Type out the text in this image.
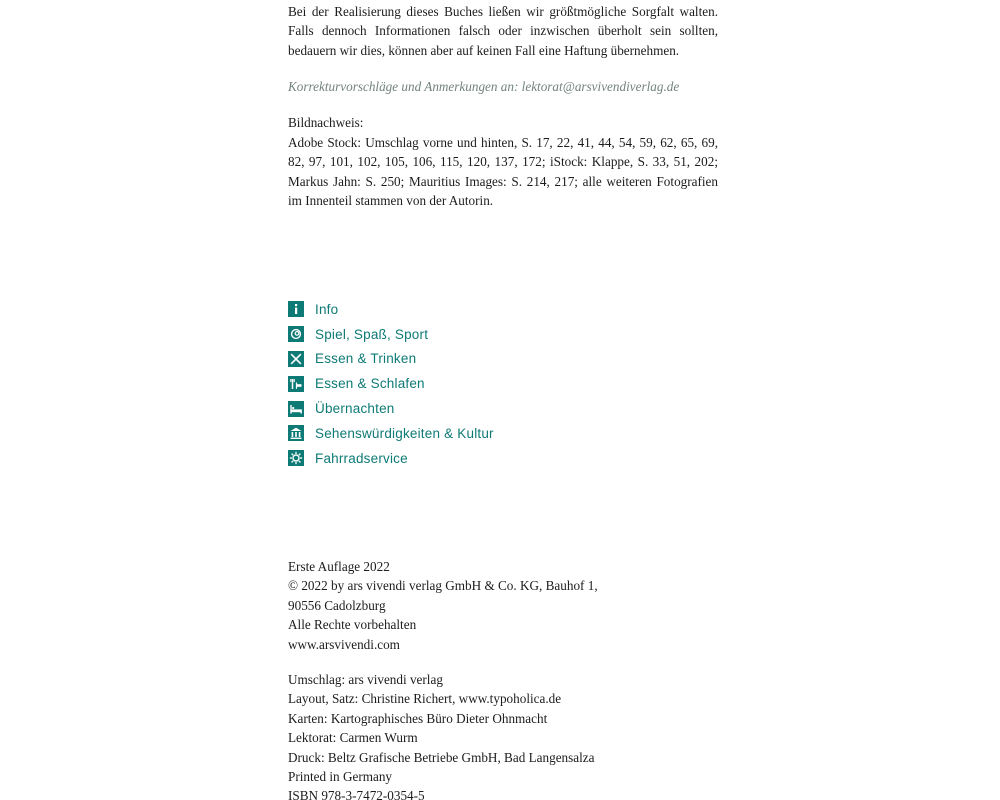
Bei der Realisierung dieses Buches ließen wir größtmögliche Sorgfalt walten. Falls dennoch Informationen falsch oder inzwischen überholt sein sollten, bedauern wir dies, können aber auf keinen Fall eine Haftung übernehmen.
Korrekturvorschläge und Anmerkungen an: lektorat@arsvivendiverlag.de
Bildnachweis:
Adobe Stock: Umschlag vorne und hinten, S. 17, 22, 41, 44, 54, 59, 62, 65, 69, 82, 97, 101, 102, 105, 106, 115, 120, 137, 172; iStock: Klappe, S. 33, 51, 202; Markus Jahn: S. 250; Mauritius Images: S. 214, 217; alle weiteren Fotografien im Innenteil stammen von der Autorin.
Info
Spiel, Spaß, Sport
Essen & Trinken
Essen & Schlafen
Übernachten
Sehenswürdigkeiten & Kultur
Fahrradservice
Erste Auflage 2022
© 2022 by ars vivendi verlag GmbH & Co. KG, Bauhof 1,
90556 Cadolzburg
Alle Rechte vorbehalten
www.arsvivendi.com
Umschlag: ars vivendi verlag
Layout, Satz: Christine Richert, www.typoholica.de
Karten: Kartographisches Büro Dieter Ohnmacht
Lektorat: Carmen Wurm
Druck: Beltz Grafische Betriebe GmbH, Bad Langensalza
Printed in Germany
ISBN 978-3-7472-0354-5
